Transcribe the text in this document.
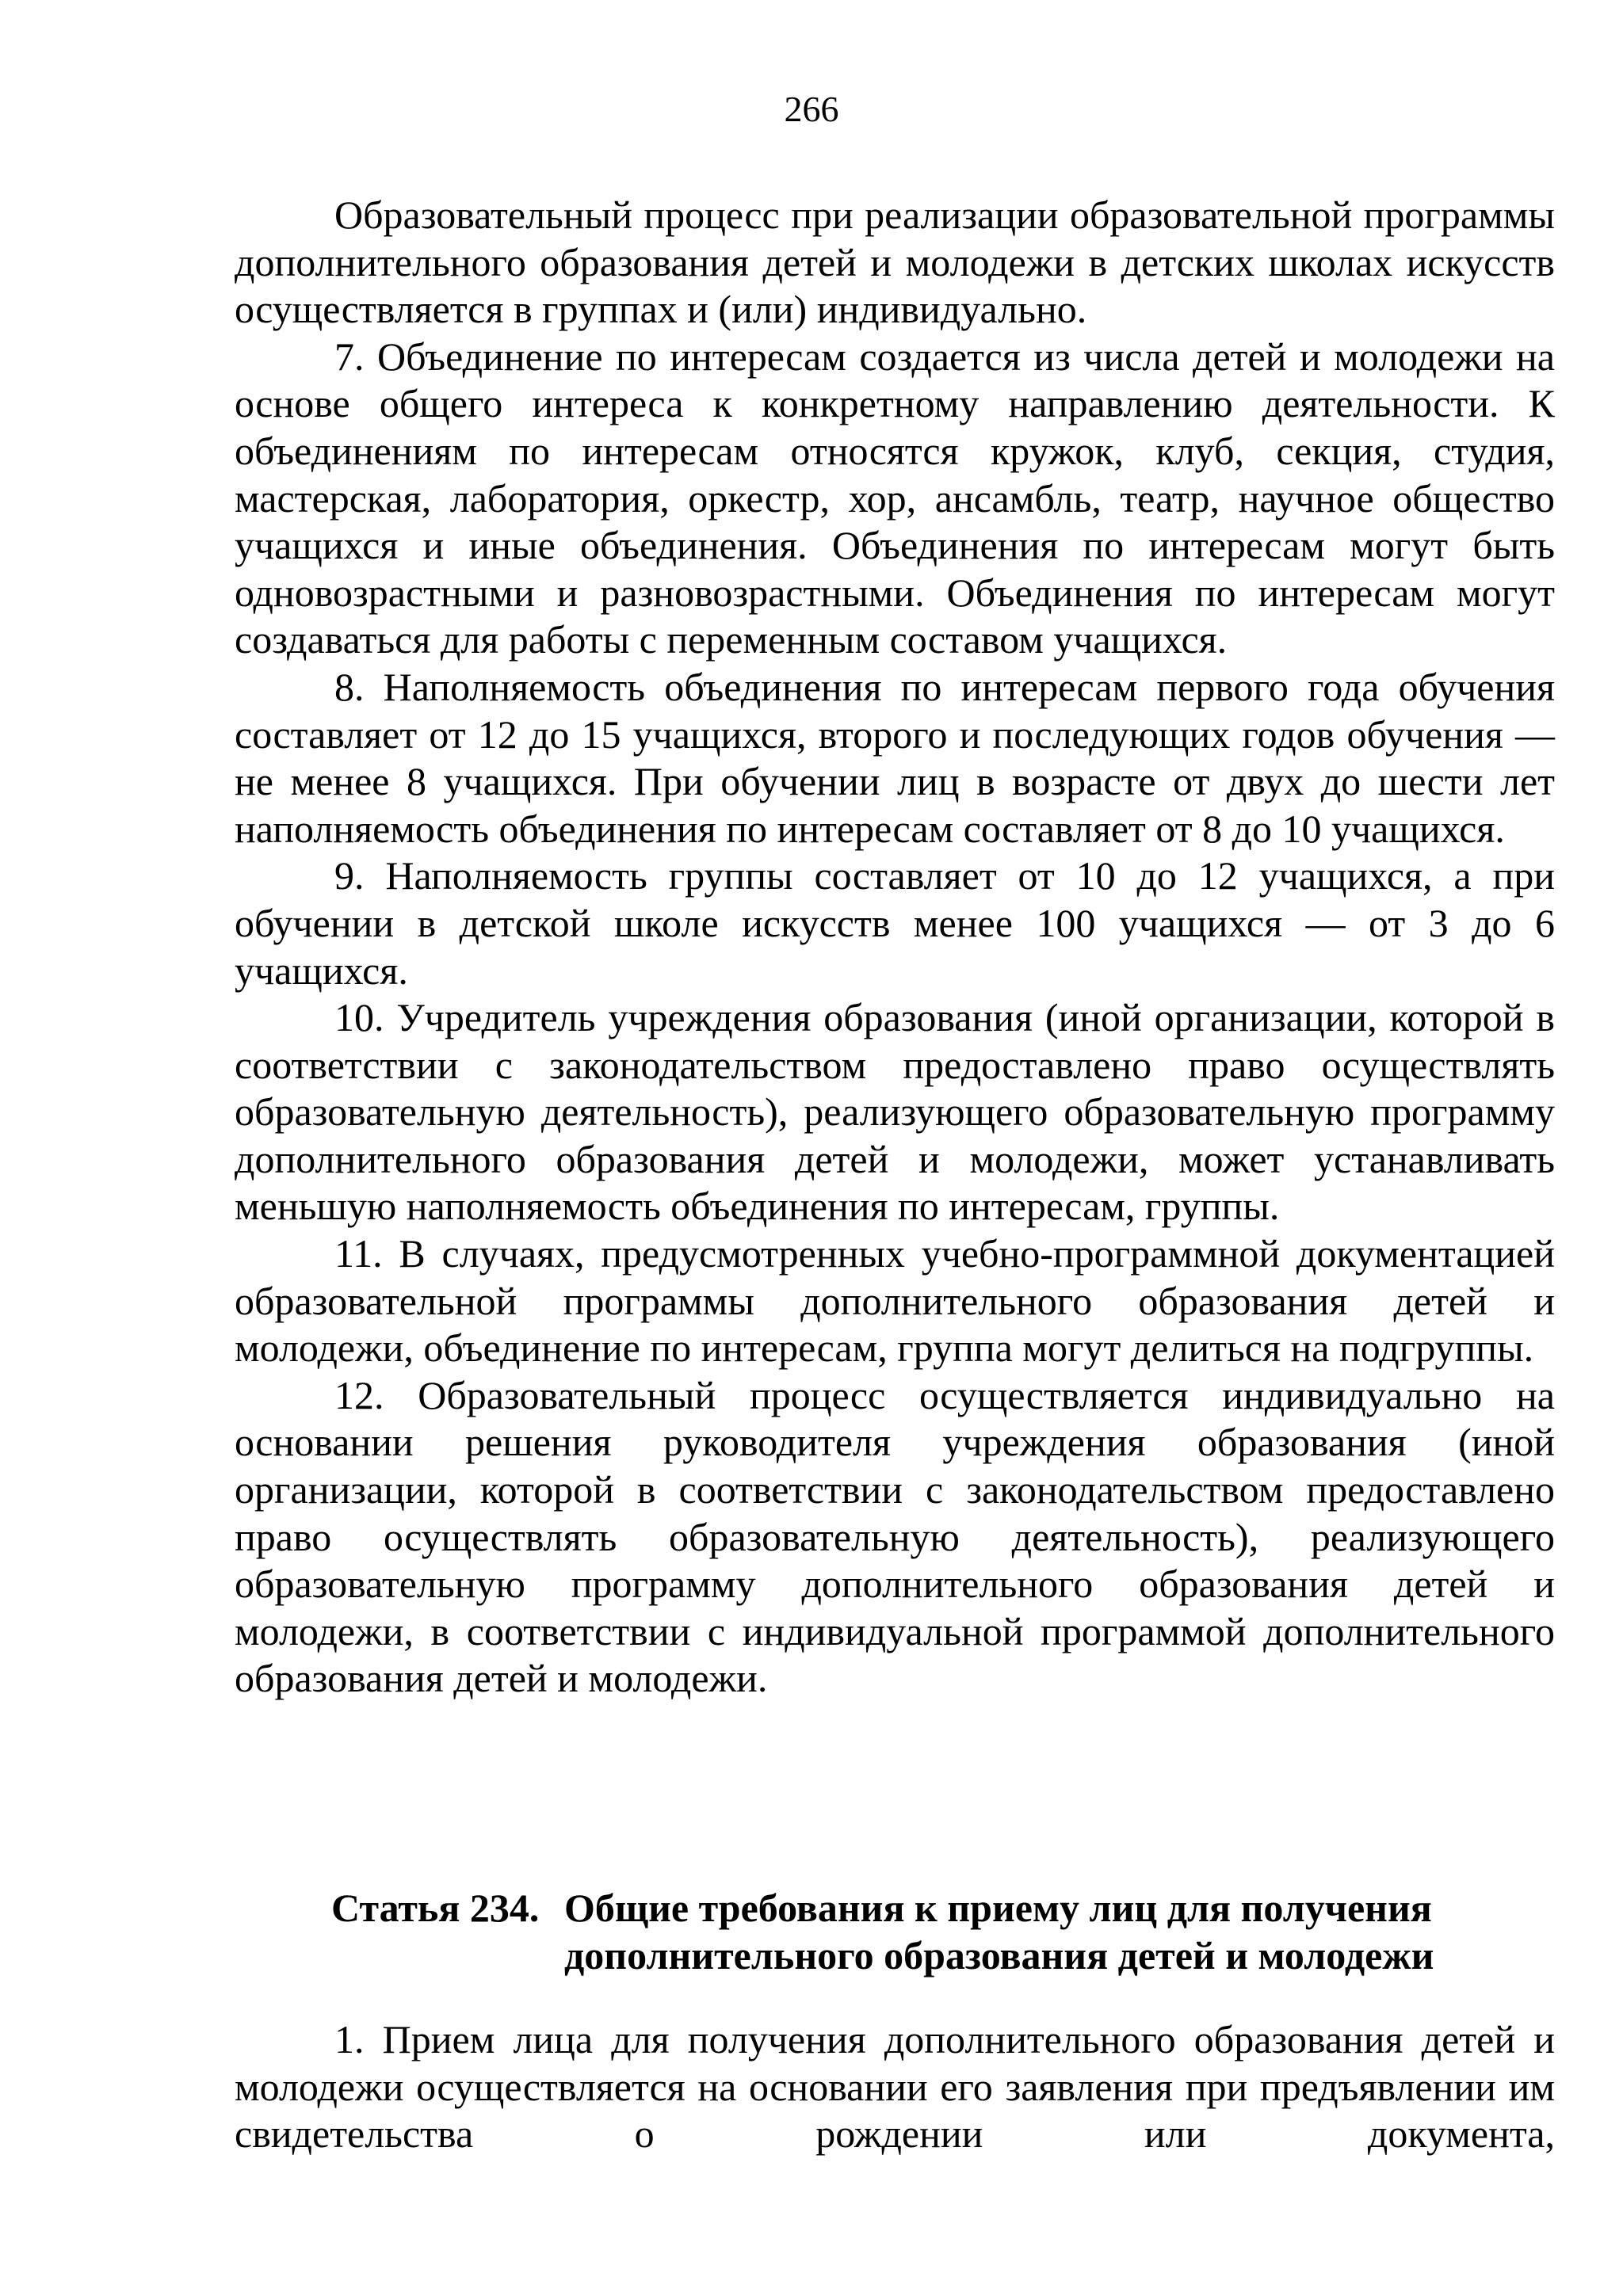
266

Образовательный процесс при реализации образовательной программы дополнительного образования детей и молодежи в детских школах искусств осуществляется в группах и (или) индивидуально.

7. Объединение по интересам создается из числа детей и молодежи на основе общего интереса к конкретному направлению деятельности. К объединениям по интересам относятся кружок, клуб, секция, студия, мастерская, лаборатория, оркестр, хор, ансамбль, театр, научное общество учащихся и иные объединения. Объединения по интересам могут быть одновозрастными и разновозрастными. Объединения по интересам могут создаваться для работы с переменным составом учащихся.

8. Наполняемость объединения по интересам первого года обучения составляет от 12 до 15 учащихся, второго и последующих годов обучения — не менее 8 учащихся. При обучении лиц в возрасте от двух до шести лет наполняемость объединения по интересам составляет от 8 до 10 учащихся.

9. Наполняемость группы составляет от 10 до 12 учащихся, а при обучении в детской школе искусств менее 100 учащихся — от 3 до 6 учащихся.

10. Учредитель учреждения образования (иной организации, которой в соответствии с законодательством предоставлено право осуществлять образовательную деятельность), реализующего образовательную программу дополнительного образования детей и молодежи, может устанавливать меньшую наполняемость объединения по интересам, группы.

11. В случаях, предусмотренных учебно-программной документацией образовательной программы дополнительного образования детей и молодежи, объединение по интересам, группа могут делиться на подгруппы.

12. Образовательный процесс осуществляется индивидуально на основании решения руководителя учреждения образования (иной организации, которой в соответствии с законодательством предоставлено право осуществлять образовательную деятельность), реализующего образовательную программу дополнительного образования детей и молодежи, в соответствии с индивидуальной программой дополнительного образования детей и молодежи.

Статья 234. Общие требования к приему лиц для получения дополнительного образования детей и молодежи

1. Прием лица для получения дополнительного образования детей и молодежи осуществляется на основании его заявления при предъявлении им свидетельства о рождении или документа,
